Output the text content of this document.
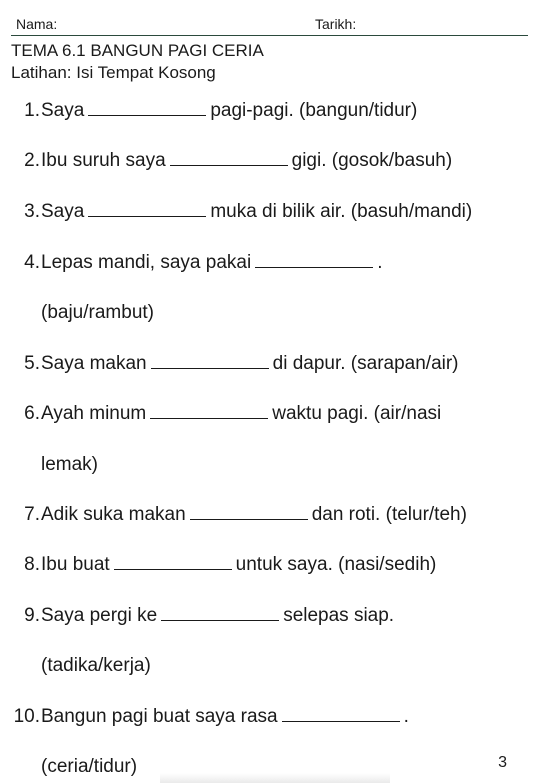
Nama:	Tarikh:
TEMA 6.1 BANGUN PAGI CERIA
Latihan: Isi Tempat Kosong
1. Saya	pagi-pagi. (bangun/tidur)
2. Ibu suruh saya	gigi. (gosok/basuh)
3. Saya	muka di bilik air. (basuh/mandi)
4. Lepas mandi, saya pakai	.
(baju/rambut)
5. Saya makan	di dapur. (sarapan/air)
6. Ayah minum	waktu pagi. (air/nasi
lemak)
7. Adik suka makan	dan roti. (telur/teh)
8. Ibu buat	untuk saya. (nasi/sedih)
9. Saya pergi ke	selepas siap.
(tadika/kerja)
10. Bangun pagi buat saya rasa	.
(ceria/tidur)	3
